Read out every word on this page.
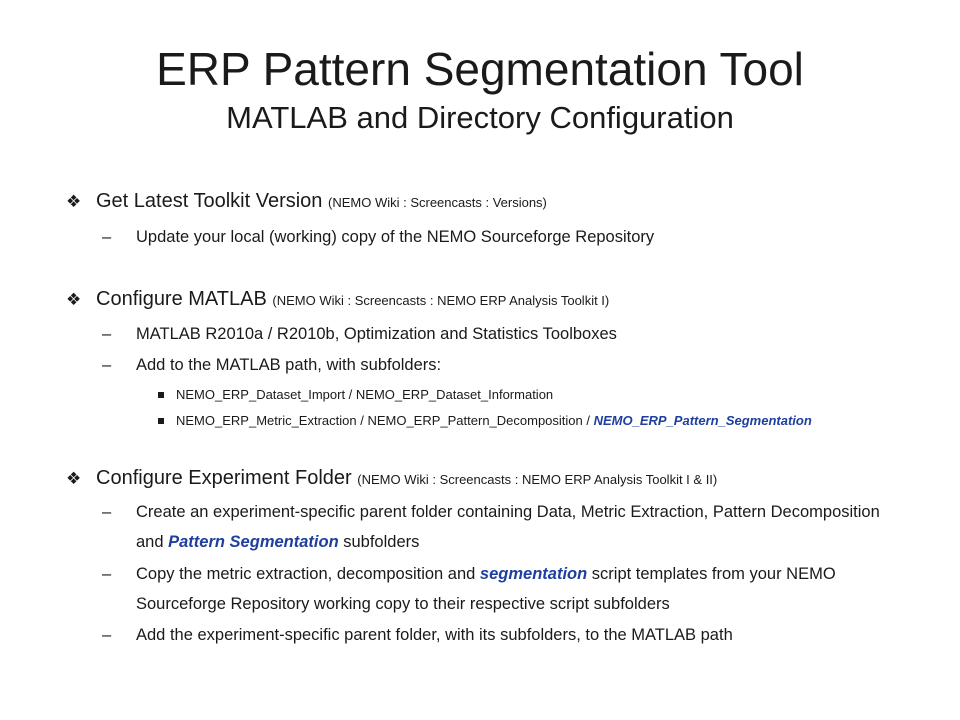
ERP Pattern Segmentation Tool
MATLAB and Directory Configuration
❖ Get Latest Toolkit Version (NEMO Wiki : Screencasts : Versions)
– Update your local (working) copy of the NEMO Sourceforge Repository
❖ Configure MATLAB (NEMO Wiki : Screencasts : NEMO ERP Analysis Toolkit I)
– MATLAB R2010a / R2010b, Optimization and Statistics Toolboxes
– Add to the MATLAB path, with subfolders:
NEMO_ERP_Dataset_Import / NEMO_ERP_Dataset_Information
NEMO_ERP_Metric_Extraction / NEMO_ERP_Pattern_Decomposition / NEMO_ERP_Pattern_Segmentation
❖ Configure Experiment Folder (NEMO Wiki : Screencasts : NEMO ERP Analysis Toolkit I & II)
– Create an experiment-specific parent folder containing Data, Metric Extraction, Pattern Decomposition and Pattern Segmentation subfolders
– Copy the metric extraction, decomposition and segmentation script templates from your NEMO Sourceforge Repository working copy to their respective script subfolders
– Add the experiment-specific parent folder, with its subfolders, to the MATLAB path
